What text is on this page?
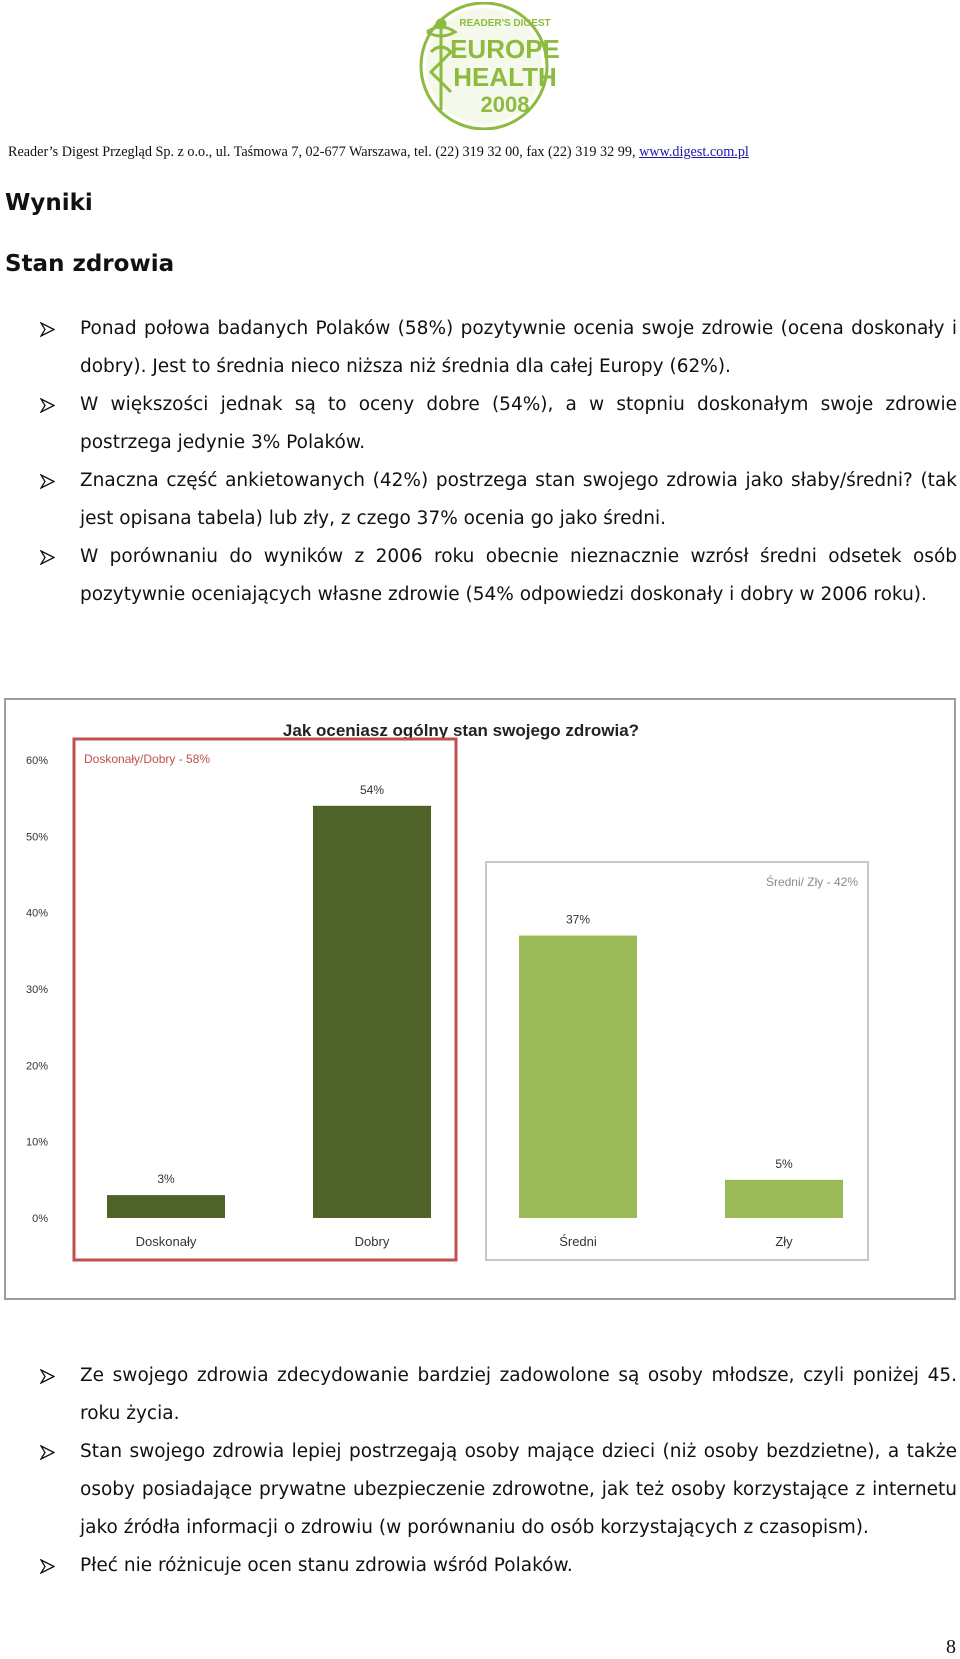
READER'S DIGEST
EUROPE
HEALTH
2008
Reader’s Digest Przegląd Sp. z o.o., ul. Taśmowa 7, 02-677 Warszawa, tel. (22) 319 32 00, fax (22) 319 32 99, www.digest.com.pl
Wyniki
Stan zdrowia
Ponad połowa badanych Polaków (58%) pozytywnie ocenia swoje zdrowie (ocena doskonały i dobry). Jest to średnia nieco niższa niż średnia dla całej Europy (62%).
W większości jednak są to oceny dobre (54%), a w stopniu doskonałym swoje zdrowie postrzega jedynie 3% Polaków.
Znaczna część ankietowanych (42%) postrzega stan swojego zdrowia jako słaby/średni? (tak jest opisana tabela) lub zły, z czego 37% ocenia go jako średni.
W porównaniu do wyników z 2006 roku obecnie nieznacznie wzrósł średni odsetek osób pozytywnie oceniających własne zdrowie (54% odpowiedzi doskonały i dobry w 2006 roku).
Jak oceniasz ogólny stan swojego zdrowia?
Doskonały/Dobry - 58%
Średni/ Zły - 42%
0%
10%
20%
30%
40%
50%
60%
3%
Doskonały
54%
Dobry
37%
Średni
5%
Zły
Ze swojego zdrowia zdecydowanie bardziej zadowolone są osoby młodsze, czyli poniżej 45. roku życia.
Stan swojego zdrowia lepiej postrzegają osoby mające dzieci (niż osoby bezdzietne), a także osoby posiadające prywatne ubezpieczenie zdrowotne, jak też osoby korzystające z internetu jako źródła informacji o zdrowiu (w porównaniu do osób korzystających z czasopism).
Płeć nie różnicuje ocen stanu zdrowia wśród Polaków.
8
